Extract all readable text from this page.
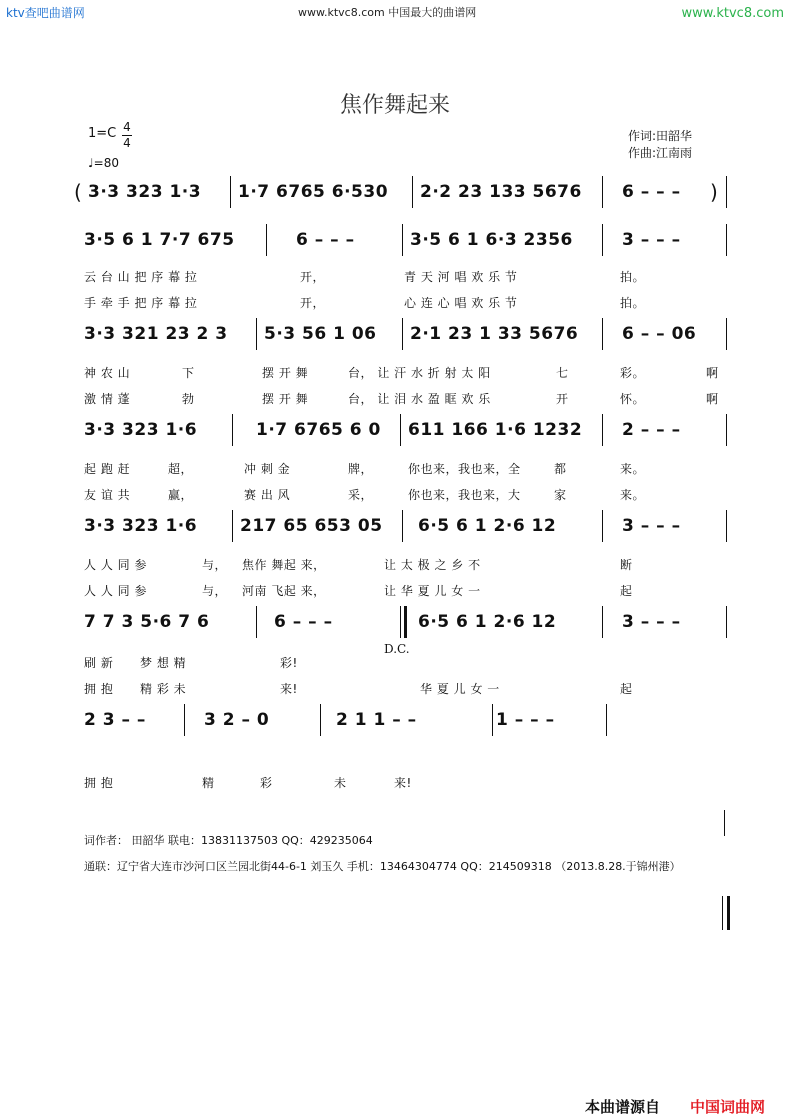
ktv查吧曲谱网	www.ktvc8.com 中国最大的曲谱网	www.ktvc8.com
焦作舞起来
1=C 4
4
♩=80
作词:田韶华
作曲:江南雨
( 3·3 323 1·3 1·7 6765 6·530 2·2 23 133 5676 6 – – – )
3·5 6 1 7·7 675	6 – – –	3·5 6 1 6·3 2356	3 – – –
云 台 山 把 序 幕 拉	开，	青 天 河 唱 欢 乐 节	拍。
手 牵 手 把 序 幕 拉	开，	心 连 心 唱 欢 乐 节	拍。
3·3 321 23 2 3 5·3 56 1 06 2·1 23 1 33 5676	6 – – 06
神 农 山	下	摆 开 舞	台， 让 汗 水 折 射 太 阳	七	彩。	啊
激 情 蓬	勃	摆 开 舞	台， 让 泪 水 盈 眶 欢 乐	开	怀。	啊
3·3 323 1·6	1·7 6765 6 0 611 166 1·6 1232 2 – – –
起 跑 赶	超，	冲 刺 金	牌，	你也来，我也来，全	都	来。
友 谊 共	赢，	赛 出 风	采，	你也来，我也来，大	家	来。
3·3 323 1·6	217 65 653 05 6·5 6 1 2·6 12	3 – – –
人 人 同 参	与， 焦作 舞起 来，	让 太 极 之 乡 不	断
人 人 同 参	与， 河南 飞起 来，	让 华 夏 儿 女 一	起
7 7 3 5·6 7 6	6 – – –	6·5 6 1 2·6 12	3 – – –
D.C.
刷 新 梦 想 精	彩!
拥 抱 精 彩 未	来!	华 夏 儿 女 一	起
2 3 – –	3 2 – 0	2 1 1 – –	1 – – –
拥 抱	精	彩	未	来!
词作者： 田韶华 联电：13831137503 QQ：429235064
通联：辽宁省大连市沙河口区兰园北街44-6-1 刘玉久 手机：13464304774 QQ：214509318 （2013.8.28.于锦州港）
本曲谱源自 中国词曲网
